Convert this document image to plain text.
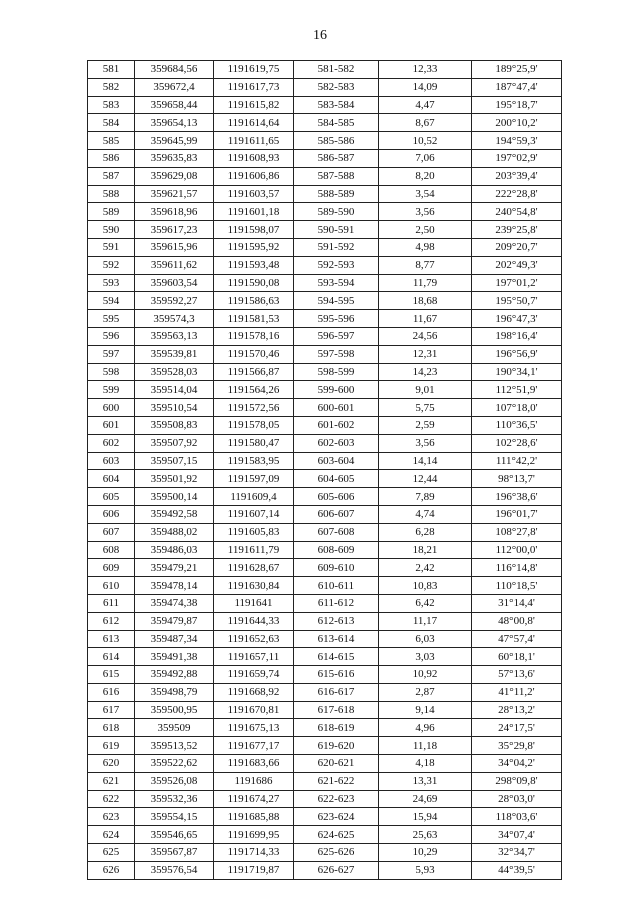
16
581	359684,56	1191619,75	581-582	12,33	189°25,9'
582	359672,4	1191617,73	582-583	14,09	187°47,4'
583	359658,44	1191615,82	583-584	4,47	195°18,7'
584	359654,13	1191614,64	584-585	8,67	200°10,2'
585	359645,99	1191611,65	585-586	10,52	194°59,3'
586	359635,83	1191608,93	586-587	7,06	197°02,9'
587	359629,08	1191606,86	587-588	8,20	203°39,4'
588	359621,57	1191603,57	588-589	3,54	222°28,8'
589	359618,96	1191601,18	589-590	3,56	240°54,8'
590	359617,23	1191598,07	590-591	2,50	239°25,8'
591	359615,96	1191595,92	591-592	4,98	209°20,7'
592	359611,62	1191593,48	592-593	8,77	202°49,3'
593	359603,54	1191590,08	593-594	11,79	197°01,2'
594	359592,27	1191586,63	594-595	18,68	195°50,7'
595	359574,3	1191581,53	595-596	11,67	196°47,3'
596	359563,13	1191578,16	596-597	24,56	198°16,4'
597	359539,81	1191570,46	597-598	12,31	196°56,9'
598	359528,03	1191566,87	598-599	14,23	190°34,1'
599	359514,04	1191564,26	599-600	9,01	112°51,9'
600	359510,54	1191572,56	600-601	5,75	107°18,0'
601	359508,83	1191578,05	601-602	2,59	110°36,5'
602	359507,92	1191580,47	602-603	3,56	102°28,6'
603	359507,15	1191583,95	603-604	14,14	111°42,2'
604	359501,92	1191597,09	604-605	12,44	98°13,7'
605	359500,14	1191609,4	605-606	7,89	196°38,6'
606	359492,58	1191607,14	606-607	4,74	196°01,7'
607	359488,02	1191605,83	607-608	6,28	108°27,8'
608	359486,03	1191611,79	608-609	18,21	112°00,0'
609	359479,21	1191628,67	609-610	2,42	116°14,8'
610	359478,14	1191630,84	610-611	10,83	110°18,5'
611	359474,38	1191641	611-612	6,42	31°14,4'
612	359479,87	1191644,33	612-613	11,17	48°00,8'
613	359487,34	1191652,63	613-614	6,03	47°57,4'
614	359491,38	1191657,11	614-615	3,03	60°18,1'
615	359492,88	1191659,74	615-616	10,92	57°13,6'
616	359498,79	1191668,92	616-617	2,87	41°11,2'
617	359500,95	1191670,81	617-618	9,14	28°13,2'
618	359509	1191675,13	618-619	4,96	24°17,5'
619	359513,52	1191677,17	619-620	11,18	35°29,8'
620	359522,62	1191683,66	620-621	4,18	34°04,2'
621	359526,08	1191686	621-622	13,31	298°09,8'
622	359532,36	1191674,27	622-623	24,69	28°03,0'
623	359554,15	1191685,88	623-624	15,94	118°03,6'
624	359546,65	1191699,95	624-625	25,63	34°07,4'
625	359567,87	1191714,33	625-626	10,29	32°34,7'
626	359576,54	1191719,87	626-627	5,93	44°39,5'
